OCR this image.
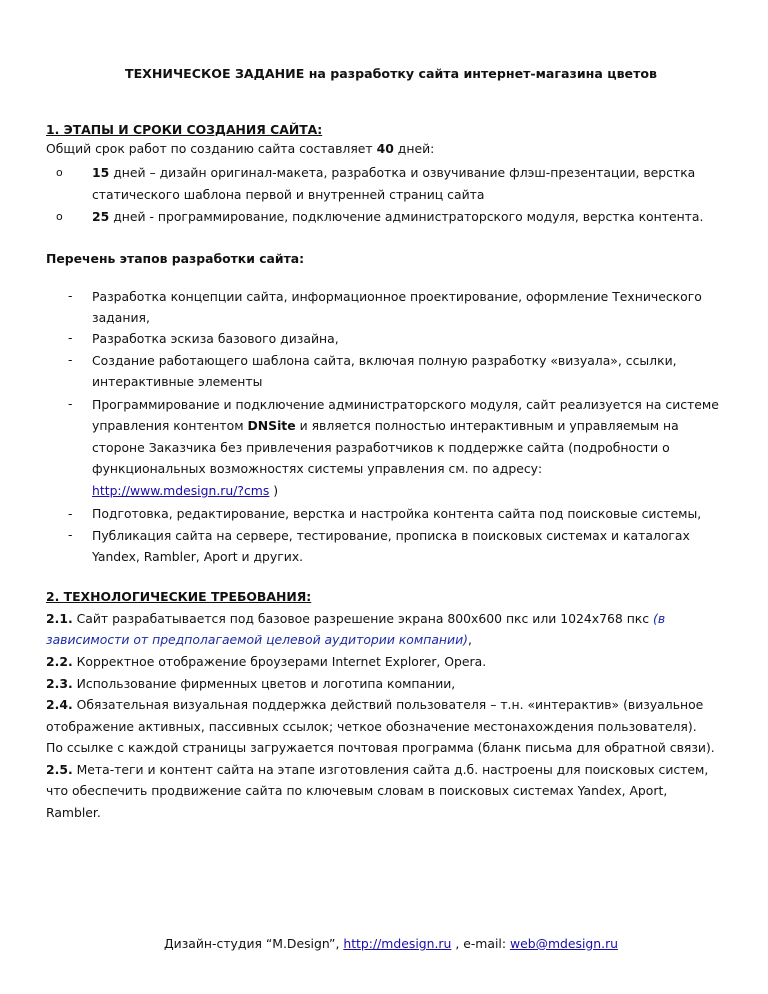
ТЕХНИЧЕСКОЕ ЗАДАНИЕ на разработку сайта интернет-магазина цветов
1. ЭТАПЫ И СРОКИ СОЗДАНИЯ САЙТА:
Общий срок работ по созданию сайта составляет 40 дней:
o 15 дней – дизайн оригинал-макета, разработка и озвучивание флэш-презентации, верстка
статического шаблона первой и внутренней страниц сайта
o 25 дней - программирование, подключение администраторского модуля, верстка контента.
Перечень этапов разработки сайта:
- Разработка концепции сайта, информационное проектирование, оформление Технического
задания,
- Разработка эскиза базового дизайна,
- Создание работающего шаблона сайта, включая полную разработку «визуала», ссылки,
интерактивные элементы
- Программирование и подключение администраторского модуля, сайт реализуется на системе
управления контентом DNSite и является полностью интерактивным и управляемым на
стороне Заказчика без привлечения разработчиков к поддержке сайта (подробности о
функциональных возможностях системы управления см. по адресу:
http://www.mdesign.ru/?cms )
- Подготовка, редактирование, верстка и настройка контента сайта под поисковые системы,
- Публикация сайта на сервере, тестирование, прописка в поисковых системах и каталогах
Yandex, Rambler, Aport и других.
2. ТЕХНОЛОГИЧЕСКИЕ ТРЕБОВАНИЯ:
2.1. Сайт разрабатывается под базовое разрешение экрана 800x600 пкс или 1024x768 пкс (в
зависимости от предполагаемой целевой аудитории компании),
2.2. Корректное отображение броузерами Internet Explorer, Opera.
2.3. Использование фирменных цветов и логотипа компании,
2.4. Обязательная визуальная поддержка действий пользователя – т.н. «интерактив» (визуальное
отображение активных, пассивных ссылок; четкое обозначение местонахождения пользователя).
По ссылке с каждой страницы загружается почтовая программа (бланк письма для обратной связи).
2.5. Мета-теги и контент сайта на этапе изготовления сайта д.б. настроены для поисковых систем,
что обеспечить продвижение сайта по ключевым словам в поисковых системах Yandex, Aport,
Rambler.
Дизайн-студия “M.Design”, http://mdesign.ru , e-mail: web@mdesign.ru
